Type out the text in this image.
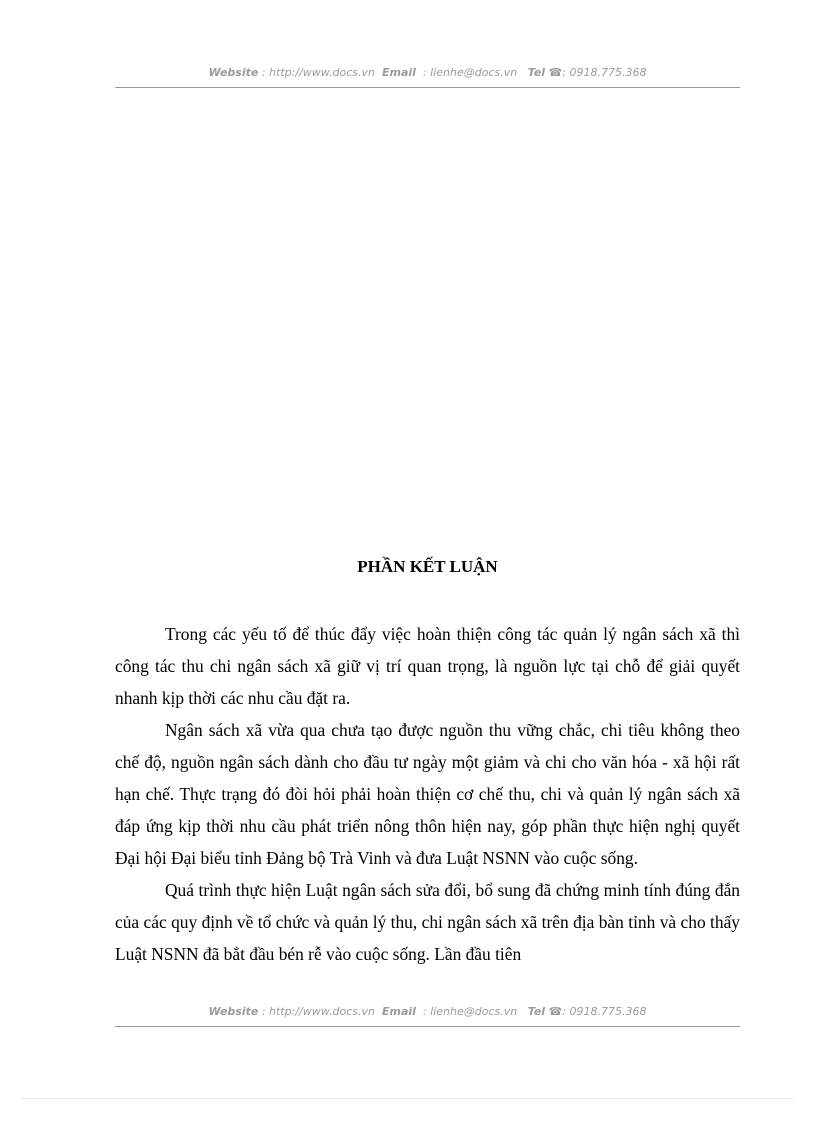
Website : http://www.docs.vn Email : lienhe@docs.vn Tel ☎: 0918.775.368
PHẦN KẾT LUẬN

Trong các yếu tố để thúc đẩy việc hoàn thiện công tác quản lý ngân sách xã thì công tác thu chi ngân sách xã giữ vị trí quan trọng, là nguồn lực tại chỗ để giải quyết nhanh kịp thời các nhu cầu đặt ra.

Ngân sách xã vừa qua chưa tạo được nguồn thu vững chắc, chi tiêu không theo chế độ, nguồn ngân sách dành cho đầu tư ngày một giảm và chi cho văn hóa - xã hội rất hạn chế. Thực trạng đó đòi hỏi phải hoàn thiện cơ chế thu, chi và quản lý ngân sách xã đáp ứng kịp thời nhu cầu phát triển nông thôn hiện nay, góp phần thực hiện nghị quyết Đại hội Đại biểu tỉnh Đảng bộ Trà Vinh và đưa Luật NSNN vào cuộc sống.

Quá trình thực hiện Luật ngân sách sửa đổi, bổ sung đã chứng minh tính đúng đắn của các quy định về tổ chức và quản lý thu, chi ngân sách xã trên địa bàn tỉnh và cho thấy Luật NSNN đã bắt đầu bén rễ vào cuộc sống. Lần đầu tiên

Website : http://www.docs.vn Email : lienhe@docs.vn Tel ☎: 0918.775.368
